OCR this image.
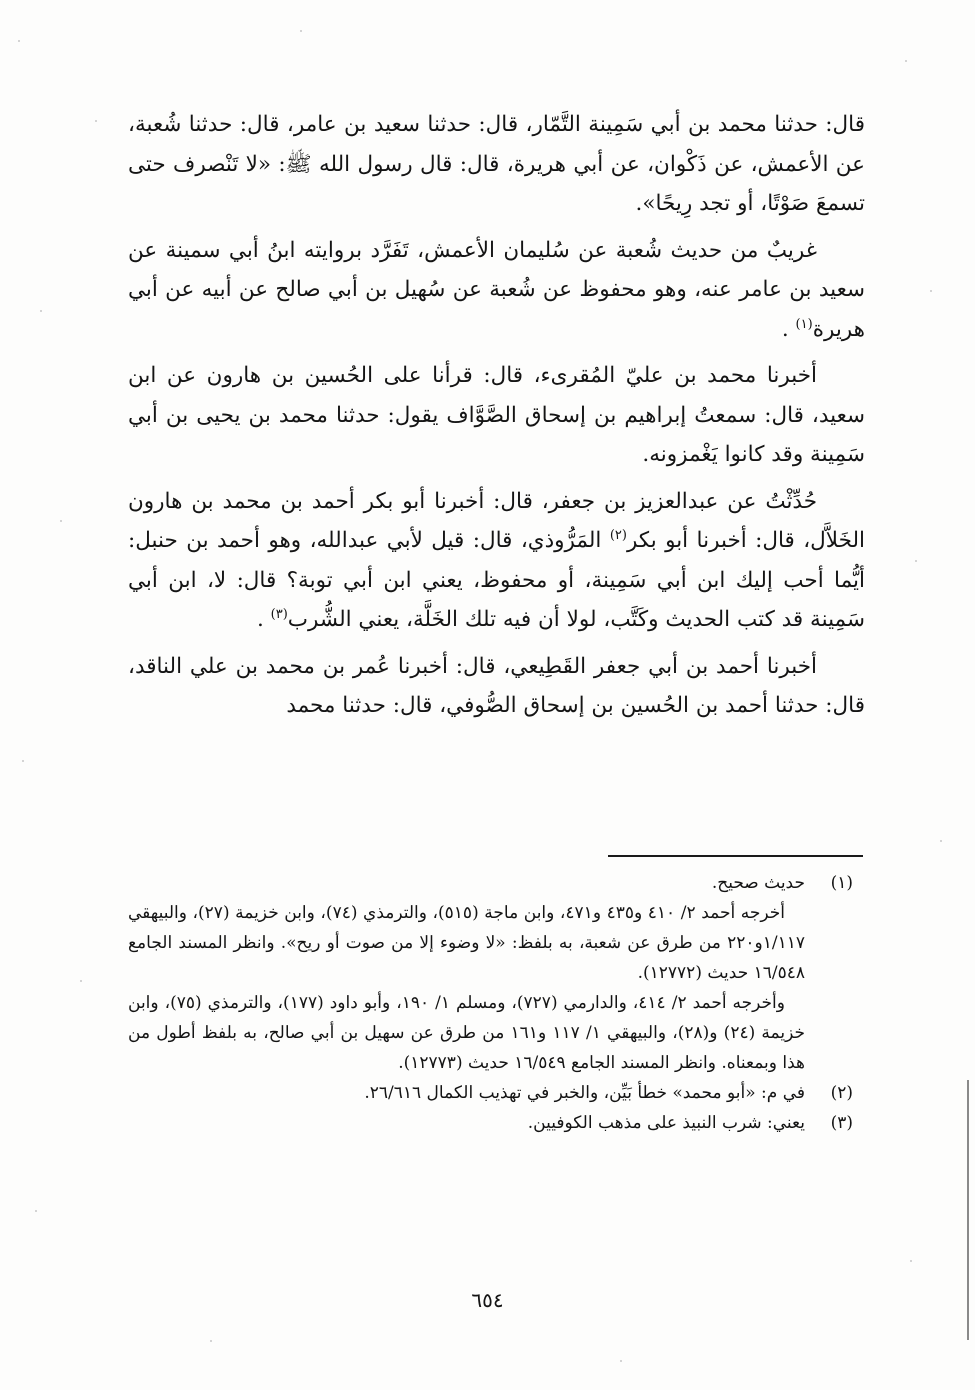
قال: حدثنا محمد بن أبي سَمِينة التَّمّار، قال: حدثنا سعيد بن عامر، قال: حدثنا شُعبة، عن الأعمش، عن ذَكْوان، عن أبي هريرة، قال: قال رسول الله ﷺ: «لا تَنْصرف حتى تسمعَ صَوْتًا، أو تجد رِيحًا».

غريبٌ من حديث شُعبة عن سُليمان الأعمش، تَفَرَّد بروايته ابنُ أبي سمينة عن سعيد بن عامر عنه، وهو محفوظ عن شُعبة عن سُهيل بن أبي صالح عن أبيه عن أبي هريرة$^{(١)}$ .

أخبرنا محمد بن عليّ المُقرىء، قال: قرأنا على الحُسين بن هارون عن ابن سعيد، قال: سمعتُ إبراهيم بن إسحاق الصَّوَّاف يقول: حدثنا محمد بن يحيى بن أبي سَمِينة وقد كانوا يَغْمزونه.

حُدِّثْتُ عن عبدالعزيز بن جعفر، قال: أخبرنا أبو بكر أحمد بن محمد بن هارون الخَلاَّل، قال: أخبرنا أبو بكر$^{(٢)}$ المَرُّوذي، قال: قيل لأبي عبدالله، وهو أحمد بن حنبل: أيُّما أحب إليك ابن أبي سَمِينة، أو محفوظ، يعني ابن أبي توبة؟ قال: لا، ابن أبي سَمِينة قد كتب الحديث وكَتَّب، لولا أن فيه تلك الخَلَّة، يعني الشُّرب$^{(٣)}$ .

أخبرنا أحمد بن أبي جعفر القَطِيعي، قال: أخبرنا عُمر بن محمد بن علي الناقد، قال: حدثنا أحمد بن الحُسين بن إسحاق الصُّوفي، قال: حدثنا محمد

(١)

حديث صحيح.

أخرجه أحمد ٢/ ٤١٠ و٤٣٥ و٤٧١، وابن ماجة (٥١٥)، والترمذي (٧٤)، وابن خزيمة (٢٧)، والبيهقي ١/١١٧و٢٢٠ من طرق عن شعبة، به بلفظ: «لا وضوء إلا من صوت أو ريح». وانظر المسند الجامع ١٦/٥٤٨ حديث (١٢٧٧٢).

وأخرجه أحمد ٢/ ٤١٤، والدارمي (٧٢٧)، ومسلم ١/ ١٩٠، وأبو داود (١٧٧)، والترمذي (٧٥)، وابن خزيمة (٢٤) و(٢٨)، والبيهقي ١/ ١١٧ و١٦١ من طرق عن سهيل بن أبي صالح، به بلفظ أطول من هذا وبمعناه. وانظر المسند الجامع ١٦/٥٤٩ حديث (١٢٧٧٣).

(٢)

في م: «أبو محمد» خطأ بَيِّن، والخبر في تهذيب الكمال ٢٦/٦١٦.

(٣)

يعني: شرب النبيذ على مذهب الكوفيين.

٦٥٤
